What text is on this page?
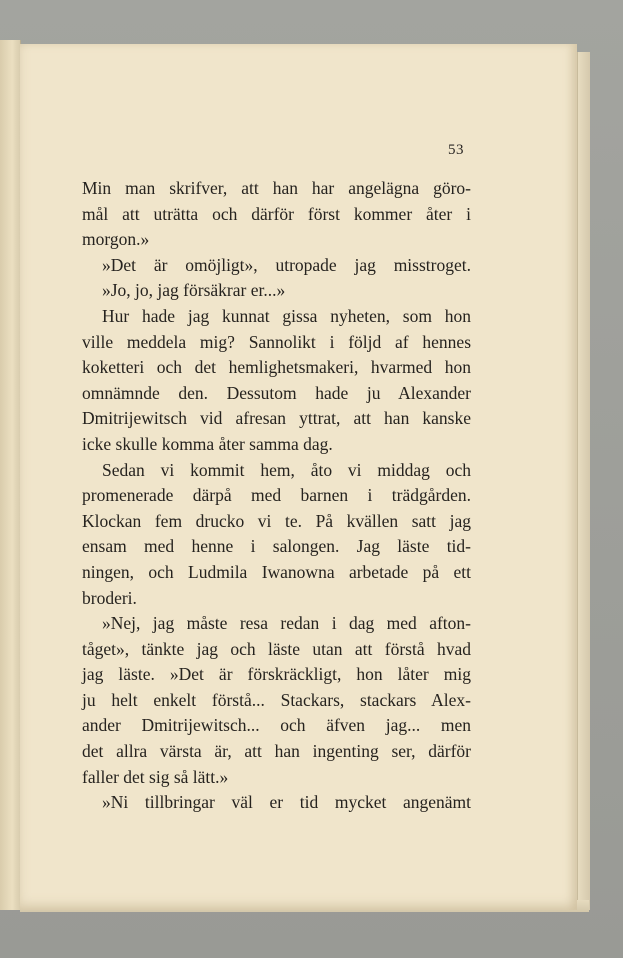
53
Min man skrifver, att han har angelägna göro-
mål att uträtta och därför först kommer åter i
morgon.»
»Det är omöjligt», utropade jag misstroget.
»Jo, jo, jag försäkrar er...»
Hur hade jag kunnat gissa nyheten, som hon
ville meddela mig? Sannolikt i följd af hennes
koketteri och det hemlighetsmakeri, hvarmed hon
omnämnde den. Dessutom hade ju Alexander
Dmitrijewitsch vid afresan yttrat, att han kanske
icke skulle komma åter samma dag.
Sedan vi kommit hem, åto vi middag och
promenerade därpå med barnen i trädgården.
Klockan fem drucko vi te. På kvällen satt jag
ensam med henne i salongen. Jag läste tid-
ningen, och Ludmila Iwanowna arbetade på ett
broderi.
»Nej, jag måste resa redan i dag med afton-
tåget», tänkte jag och läste utan att förstå hvad
jag läste. »Det är förskräckligt, hon låter mig
ju helt enkelt förstå... Stackars, stackars Alex-
ander Dmitrijewitsch... och äfven jag... men
det allra värsta är, att han ingenting ser, därför
faller det sig så lätt.»
»Ni tillbringar väl er tid mycket angenämt
